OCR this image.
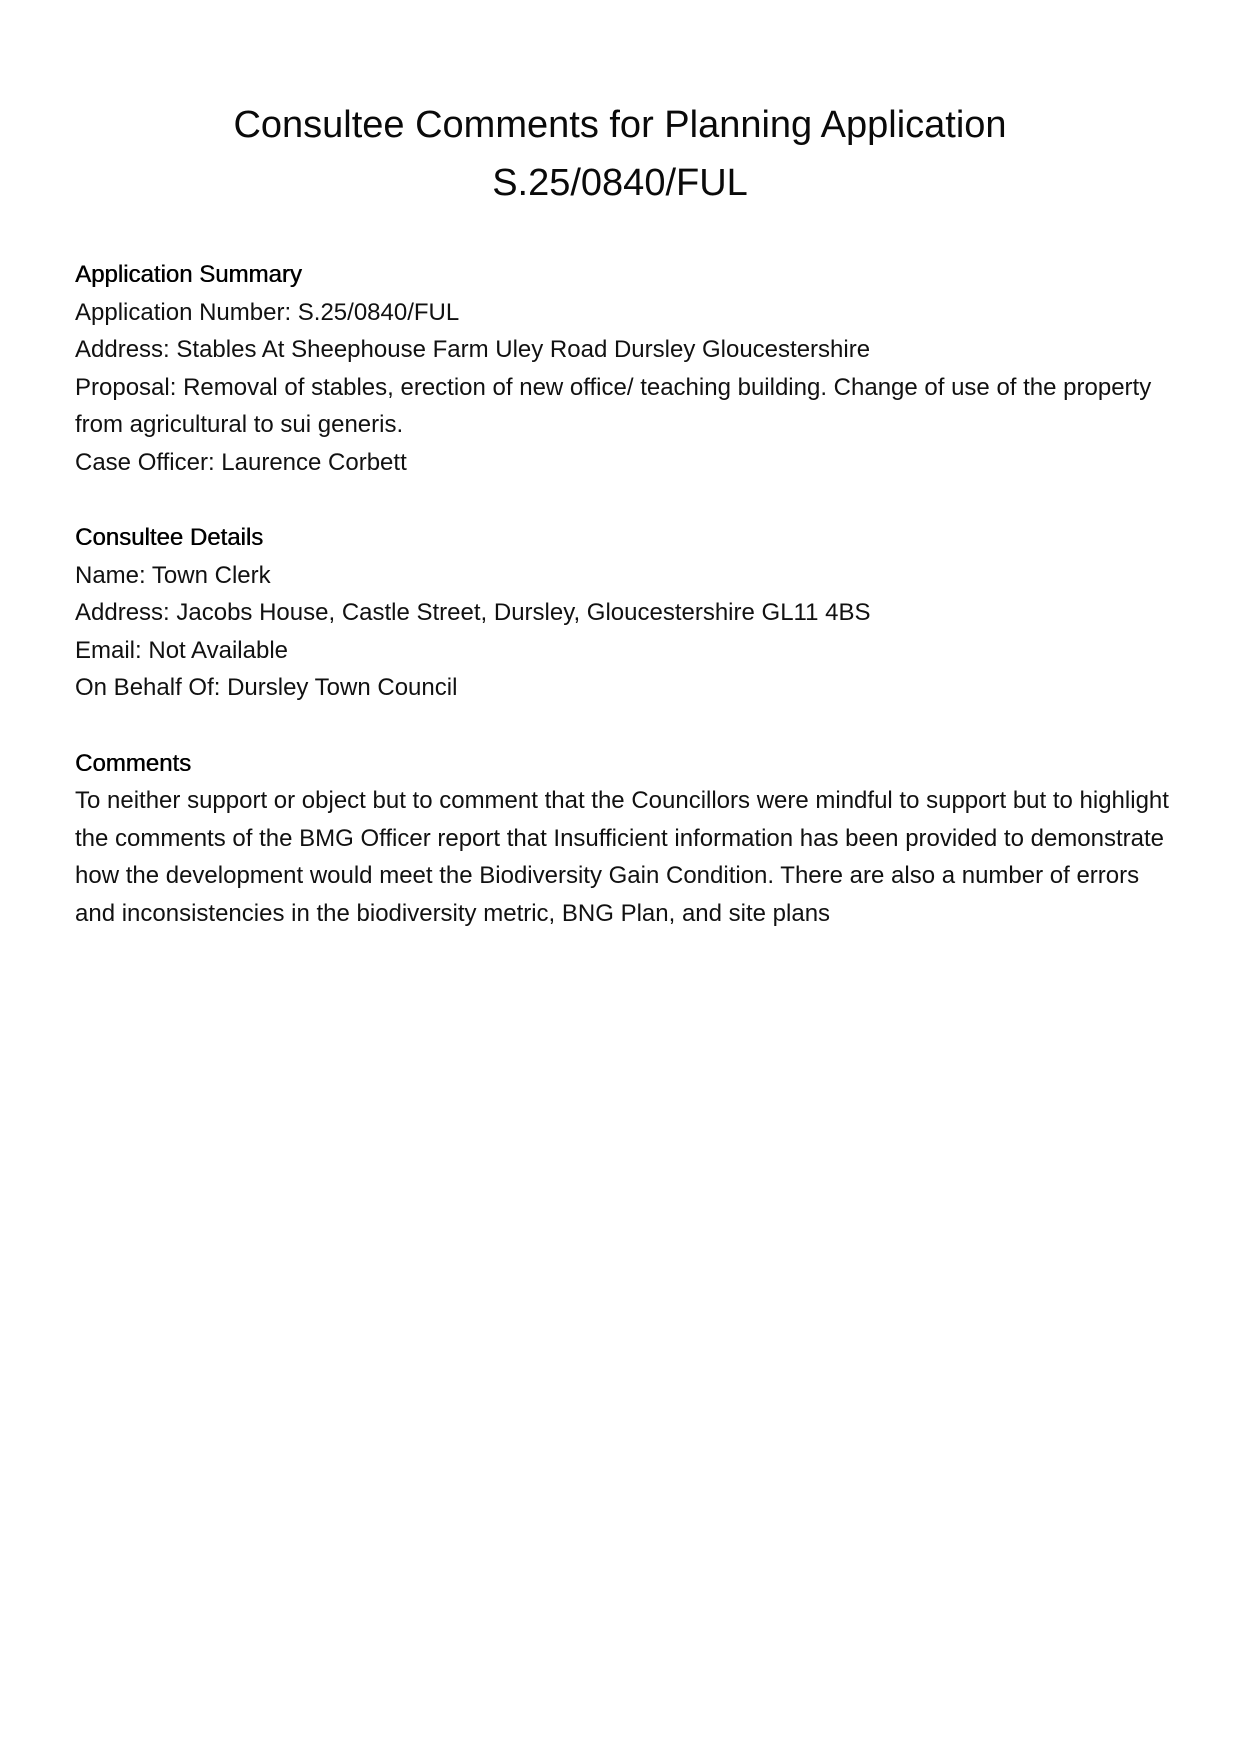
Consultee Comments for Planning Application
S.25/0840/FUL
Application Summary

Application Number: S.25/0840/FUL

Address: Stables At Sheephouse Farm Uley Road Dursley Gloucestershire

Proposal: Removal of stables, erection of new office/ teaching building. Change of use of the property from agricultural to sui generis.

Case Officer: Laurence Corbett

Consultee Details

Name: Town Clerk

Address: Jacobs House, Castle Street, Dursley, Gloucestershire GL11 4BS

Email: Not Available

On Behalf Of: Dursley Town Council

Comments

To neither support or object but to comment that the Councillors were mindful to support but to highlight the comments of the BMG Officer report that Insufficient information has been provided to demonstrate how the development would meet the Biodiversity Gain Condition. There are also a number of errors and inconsistencies in the biodiversity metric, BNG Plan, and site plans
